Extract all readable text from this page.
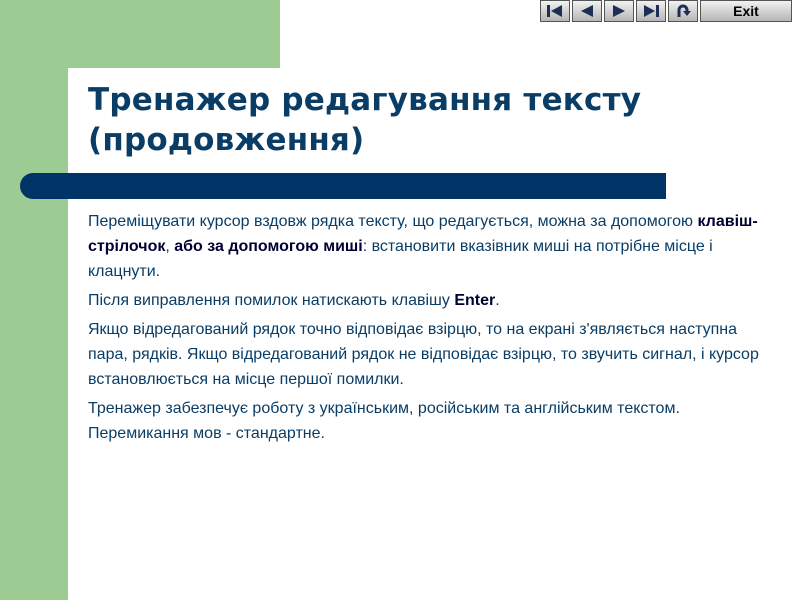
Exit
Тренажер редагування тексту
(продовження)

Переміщувати курсор вздовж рядка тексту, що редагується, можна за допомогою клавіш-стрілочок, або за допомогою миші: встановити вказівник миші на потрібне місце і клацнути.

Після виправлення помилок натискають клавішу Enter.

Якщо відредагований рядок точно відповідає взірцю, то на екрані з'являється наступна пара, рядків. Якщо відредагований рядок не відповідає взірцю, то звучить сигнал, і курсор встановлюється на місце першої помилки.

Тренажер забезпечує роботу з українським, російським та англійським текстом. Перемикання мов - стандартне.
